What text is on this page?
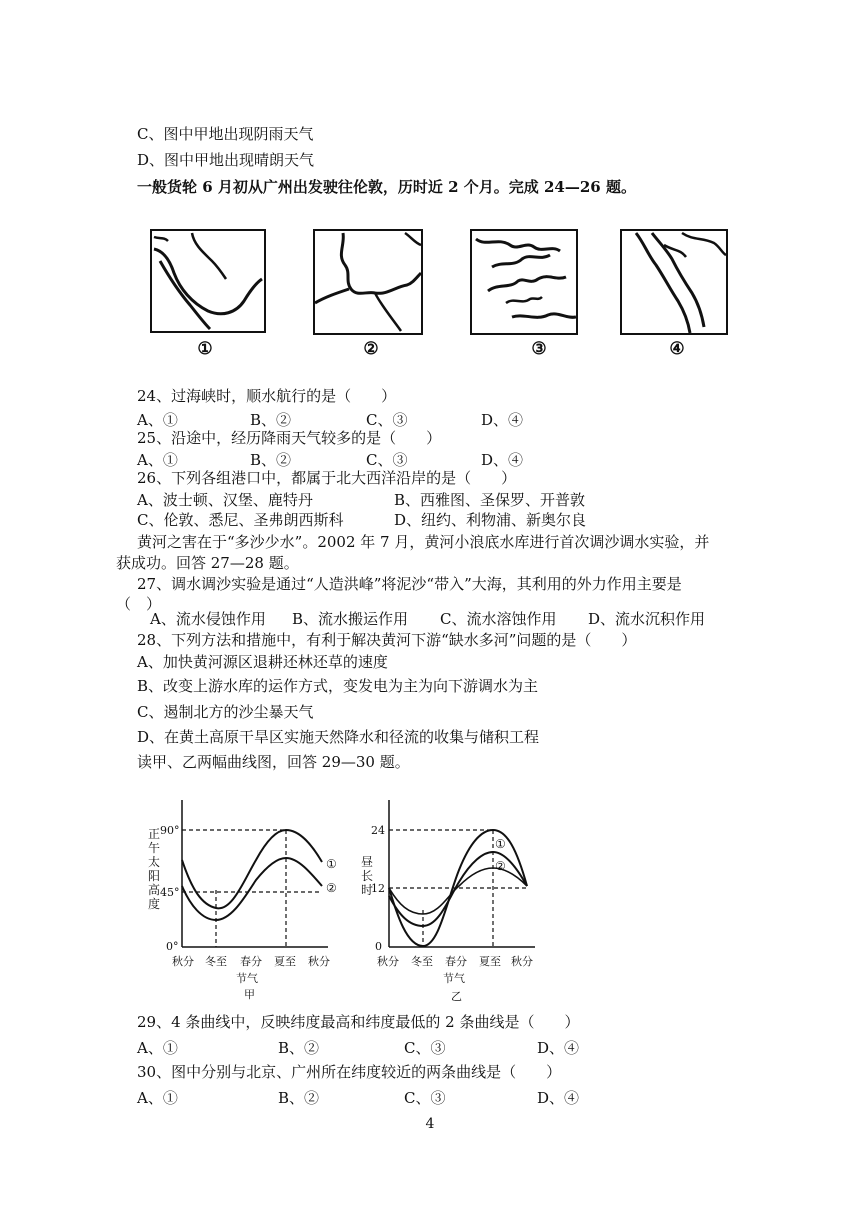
C、图中甲地出现阴雨天气
D、图中甲地出现晴朗天气
一般货轮 6 月初从广州出发驶往伦敦，历时近 2 个月。完成 24—26 题。
①	②	③	④
24、过海峡时，顺水航行的是（　　）
A、①	B、②	C、③	D、④
25、沿途中，经历降雨天气较多的是（　　）
A、①	B、②	C、③	D、④
26、下列各组港口中，都属于北大西洋沿岸的是（　　）
A、波士顿、汉堡、鹿特丹	B、西雅图、圣保罗、开普敦
C、伦敦、悉尼、圣弗朗西斯科	D、纽约、利物浦、新奥尔良
黄河之害在于“多沙少水”。2002 年 7 月，黄河小浪底水库进行首次调沙调水实验，并
获成功。回答 27—28 题。
27、调水调沙实验是通过“人造洪峰”将泥沙“带入”大海，其利用的外力作用主要是
（　）
A、流水侵蚀作用 B、流水搬运作用 C、流水溶蚀作用 D、流水沉积作用
28、下列方法和措施中，有利于解决黄河下游“缺水多河”问题的是（　　）
A、加快黄河源区退耕还林还草的速度
B、改变上游水库的运作方式，变发电为主为向下游调水为主
C、遏制北方的沙尘暴天气
D、在黄土高原干旱区实施天然降水和径流的收集与储积工程
读甲、乙两幅曲线图，回答 29—30 题。
正
午
太
阳
高
度
90°
45°
0°
①
②
秋分 冬至 春分 夏至 秋分
节气
甲
昼
长
时
24
12
0
①
②
秋分 冬至 春分 夏至 秋分
节气
乙
29、4 条曲线中，反映纬度最高和纬度最低的 2 条曲线是（　　）
A、①	B、②	C、③	D、④
30、图中分别与北京、广州所在纬度较近的两条曲线是（　　）
A、①	B、②	C、③	D、④
4
